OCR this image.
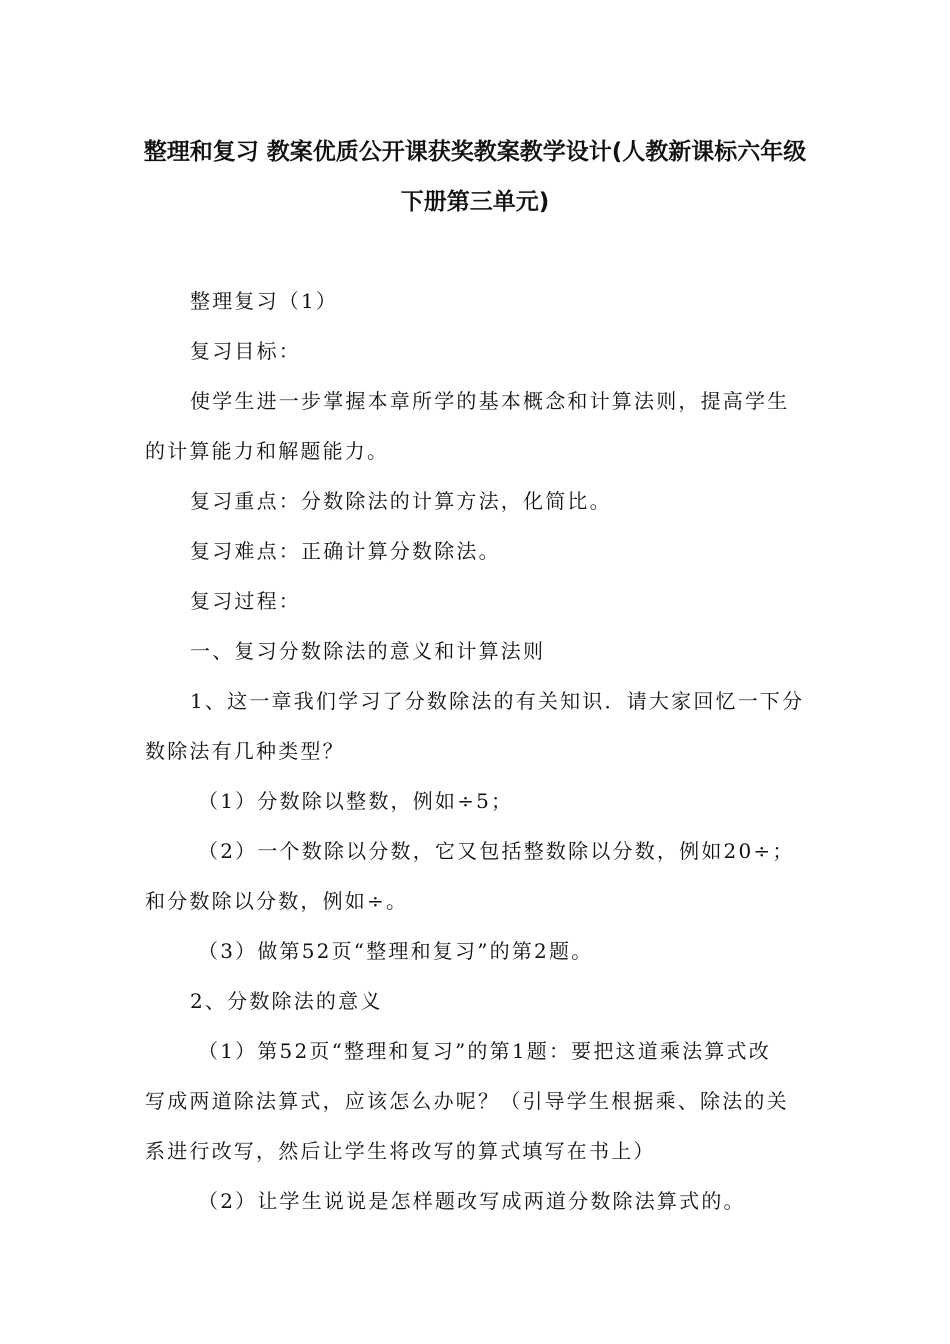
整理和复习 教案优质公开课获奖教案教学设计(人教新课标六年级
下册第三单元)
整理复习（1）
复习目标：
使学生进一步掌握本章所学的基本概念和计算法则，提高学生
的计算能力和解题能力。
复习重点：分数除法的计算方法，化简比。
复习难点：正确计算分数除法。
复习过程：
一、复习分数除法的意义和计算法则
1、这一章我们学习了分数除法的有关知识．请大家回忆一下分
数除法有几种类型？
（1）分数除以整数，例如÷5；
（2）一个数除以分数，它又包括整数除以分数，例如20÷；
和分数除以分数，例如÷。
（3）做第52页“整理和复习”的第2题。
2、分数除法的意义
（1）第52页“整理和复习”的第1题：要把这道乘法算式改
写成两道除法算式，应该怎么办呢？（引导学生根据乘、除法的关
系进行改写，然后让学生将改写的算式填写在书上）
（2）让学生说说是怎样题改写成两道分数除法算式的。
